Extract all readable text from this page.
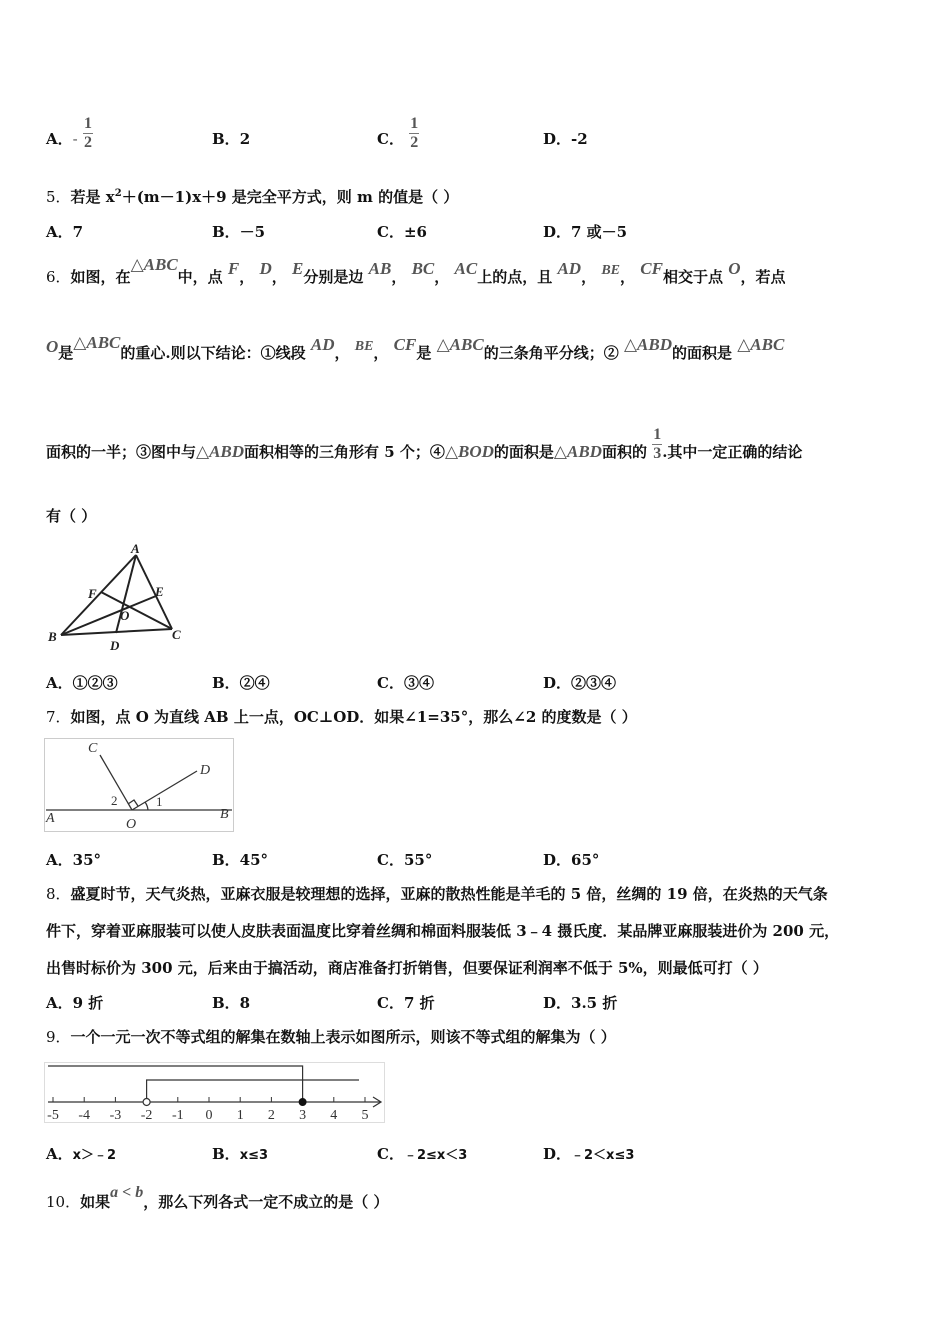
A．- $\frac{1}{2}$	B．2	C． $\frac{1}{2}$	D．-2
5．若是 $x^2+(m-1)x+9$ 是完全平方式，则 m 的值是（ ）
A．7	B．－5	C．±6	D．7 或－5
6．如图，在△ABC中，点 F， D， E分别是边 AB， BC， AC上的点，且 AD， BE， CF相交于点 O，若点
O是△ABC的重心.则以下结论：①线段 AD， BE， CF是 △ABC的三条角平分线；② △ABD的面积是 △ABC
面积的一半；③图中与△ABD面积相等的三角形有 5 个；④△BOD的面积是△ABD面积的 $\frac{1}{3}$ .其中一定正确的结论
有（ ）
A
B	C
D
E
F
O
A．①②③	B．②④	C．③④	D．②③④
7．如图，点 O 为直线 AB 上一点，OC⊥OD．如果∠1=35°，那么∠2 的度数是（ ）
A	B
C
D
O
1
2
A．35°	B．45°	C．55°	D．65°
8．盛夏时节，天气炎热，亚麻衣服是较理想的选择，亚麻的散热性能是羊毛的 5 倍，丝绸的 19 倍，在炎热的天气条
件下，穿着亚麻服装可以使人皮肤表面温度比穿着丝绸和棉面料服装低 3﹣4 摄氏度．某品牌亚麻服装进价为 200 元，
出售时标价为 300 元，后来由于搞活动，商店准备打折销售，但要保证利润率不低于 5%，则最低可打（ ）
A．9 折	B．8	C．7 折	D．3.5 折
9．一个一元一次不等式组的解集在数轴上表示如图所示，则该不等式组的解集为（ ）
-5 -4 -3 -2 -1 0 1 2 3 4 5
A．x＞﹣2	B．x≤3	C．﹣2≤x＜3	D．﹣2＜x≤3
10．如果a < b，那么下列各式一定不成立的是（ ）
